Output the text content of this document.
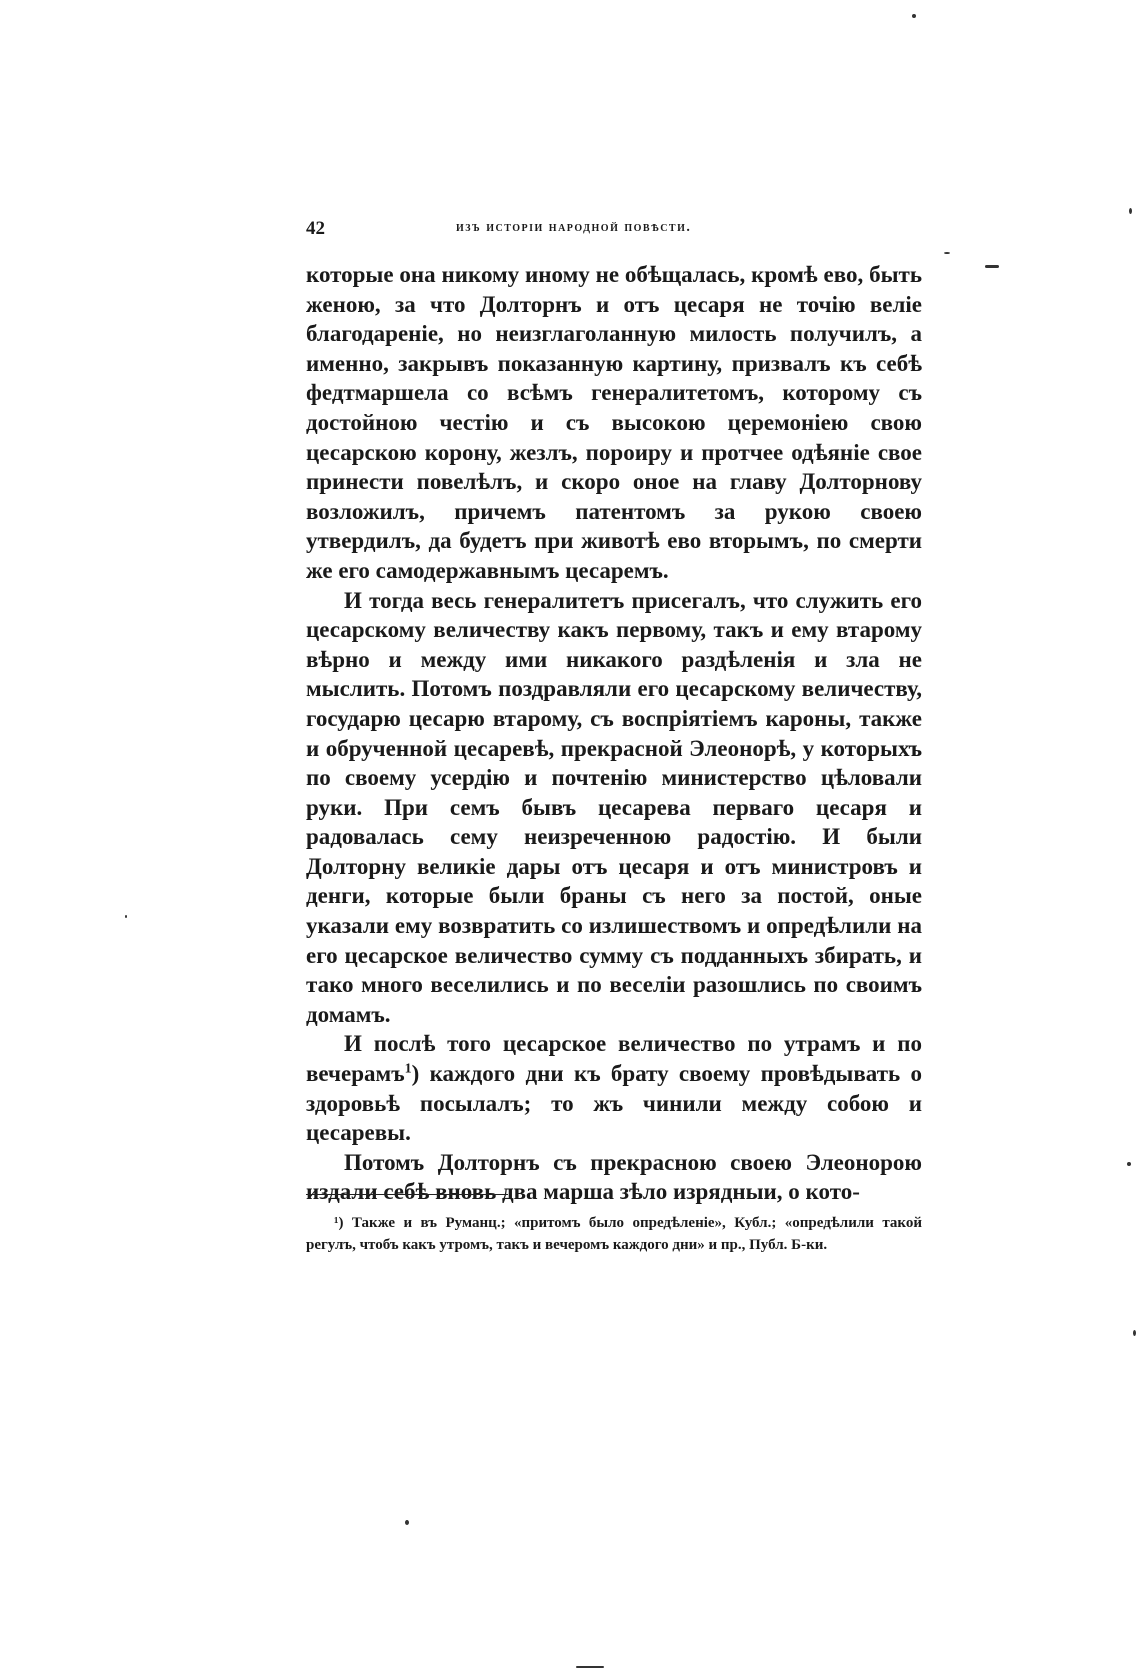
42	изъ исторіи народной повѣсти.

которые она никому иному не обѣщалась, кромѣ ево, быть женою, за что Долторнъ и отъ цесаря не точію веліе благодареніе, но неизглаголанную милость получилъ, а именно, закрывъ показанную картину, призвалъ къ себѣ федтмаршела со всѣмъ генералитетомъ, которому съ достойною честію и съ высокою церемоніею свою цесарскою корону, жезлъ, пороиру и протчее одѣяніе свое принести повелѣлъ, и скоро оное на главу Долторнову возложилъ, причемъ патентомъ за рукою своею утвердилъ, да будетъ при животѣ ево вторымъ, по смерти же его самодержавнымъ цесаремъ.

И тогда весь генералитетъ присегалъ, что служить его цесарскому величеству какъ первому, такъ и ему втарому вѣрно и между ими никакого раздѣленія и зла не мыслить. Потомъ поздравляли его цесарскому величеству, государю цесарю втарому, съ воспріятіемъ кароны, также и обрученной цесаревѣ, прекрасной Элеонорѣ, у которыхъ по своему усердію и почтенію министерство цѣловали руки. При семъ бывъ цесарева перваго цесаря и радовалась сему неизреченною радостію. И были Долторну великіе дары отъ цесаря и отъ министровъ и денги, которые были браны съ него за постой, оные указали ему возвратить со излишествомъ и опредѣлили на его цесарское величество сумму съ подданныхъ збирать, и тако много веселились и по веселіи разошлись по своимъ домамъ.

И послѣ того цесарское величество по утрамъ и по вечерамъ$^1$) каждого дни къ брату своему провѣдывать о здоровьѣ посылалъ; то жъ чинили между собою и цесаревы.

Потомъ Долторнъ съ прекрасною своею Элеонорою издали себѣ вновь два марша зѣло изрядныи, о кото-

¹) Также и въ Руманц.; «притомъ было опредѣленіе», Кубл.; «опредѣлили такой регулъ, чтобъ какъ утромъ, такъ и вечеромъ каждого дни» и пр., Публ. Б-ки.
